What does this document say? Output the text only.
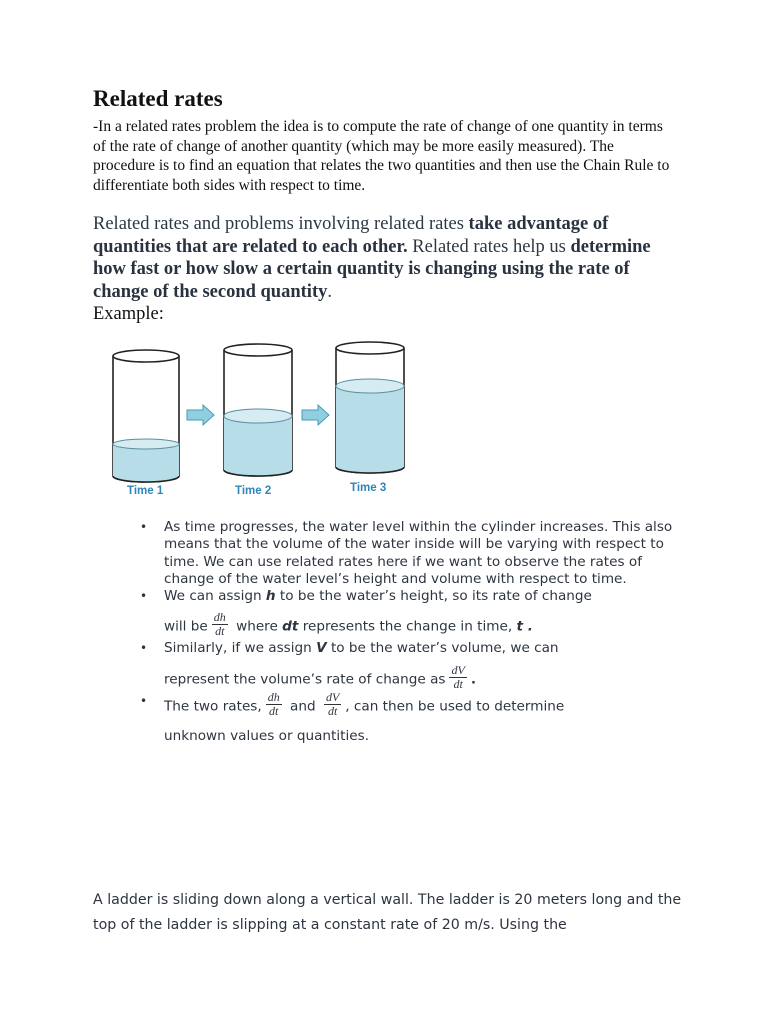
Related rates
-In a related rates problem the idea is to compute the rate of change of one quantity in terms of the rate of change of another quantity (which may be more easily measured). The procedure is to find an equation that relates the two quantities and then use the Chain Rule to differentiate both sides with respect to time.
Related rates and problems involving related rates take advantage of quantities that are related to each other. Related rates help us determine how fast or how slow a certain quantity is changing using the rate of change of the second quantity.
Example:
Time 1	Time 2	Time 3
• As time progresses, the water level within the cylinder increases. This also means that the volume of the water inside will be varying with respect to time. We can use related rates here if we want to observe the rates of change of the water level’s height and volume with respect to time.
• We can assign h to be the water’s height, so its rate of change
will be $\frac{dh}{dt}$ where dt represents the change in time, t .
• Similarly, if we assign V to be the water’s volume, we can
represent the volume’s rate of change as $\frac{dV}{dt}$ .
• The two rates, $\frac{dh}{dt}$ and $\frac{dV}{dt}$ , can then be used to determine
unknown values or quantities.
A ladder is sliding down along a vertical wall. The ladder is 20 meters long and the top of the ladder is slipping at a constant rate of 20 m/s. Using the
